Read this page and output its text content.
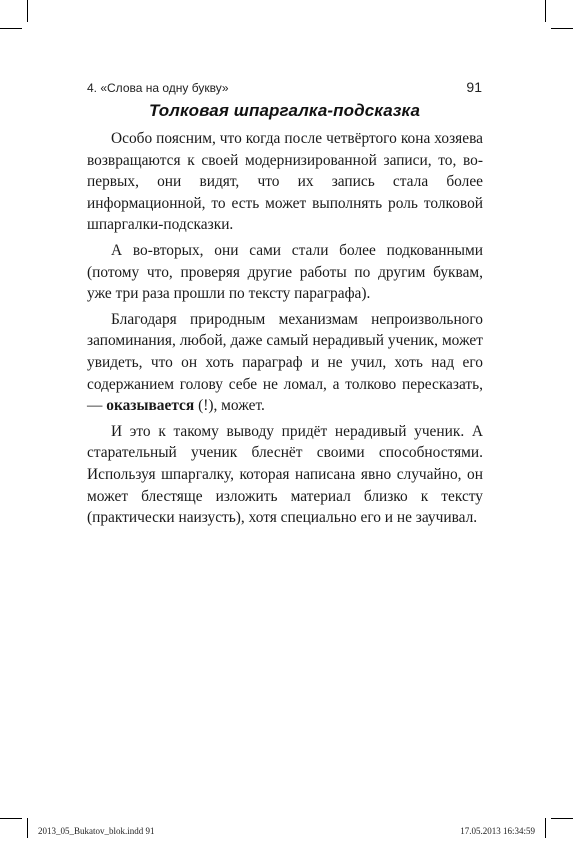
4. «Слова на одну букву»	91
Толковая шпаргалка-подсказка

Особо поясним, что когда после четвёртого кона хозяева возвращаются к своей модернизированной записи, то, во-первых, они видят, что их запись стала более информационной, то есть может выполнять роль толковой шпаргалки-подсказки.

А во-вторых, они сами стали более подкованными (потому что, проверяя другие работы по другим буквам, уже три раза прошли по тексту параграфа).

Благодаря природным механизмам непроизвольного запоминания, любой, даже самый нерадивый ученик, может увидеть, что он хоть параграф и не учил, хоть над его содержанием голову себе не ломал, а толково пересказать, — оказывается (!), может.

И это к такому выводу придёт нерадивый ученик. А старательный ученик блеснёт своими способностями. Используя шпаргалку, которая написана явно случайно, он может блестяще изложить материал близко к тексту (практически наизусть), хотя специально его и не заучивал.

2013_05_Bukatov_blok.indd 91	17.05.2013 16:34:59
